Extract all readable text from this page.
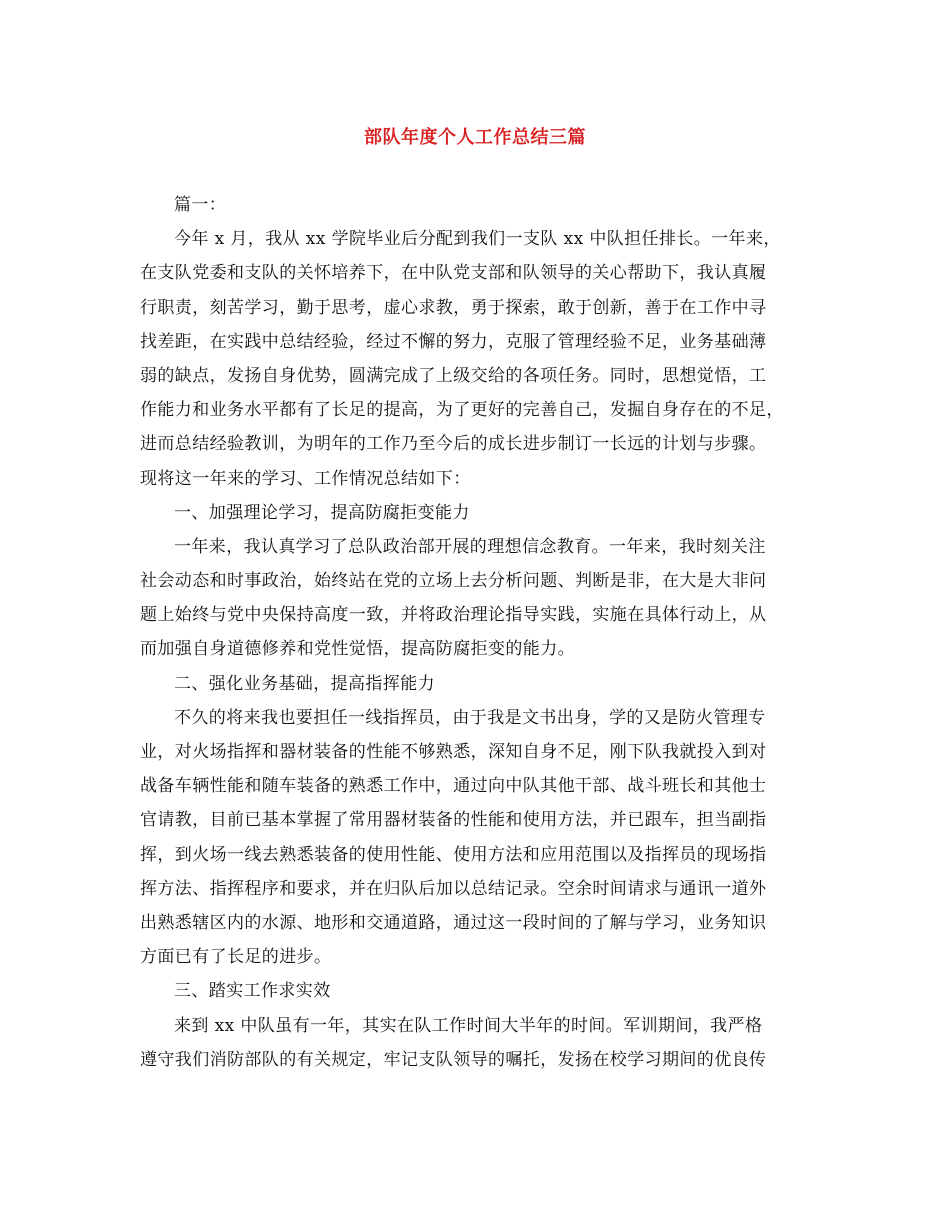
部队年度个人工作总结三篇
篇一：
今年 x 月，我从 xx 学院毕业后分配到我们一支队 xx 中队担任排长。一年来，
在支队党委和支队的关怀培养下，在中队党支部和队领导的关心帮助下，我认真履
行职责，刻苦学习，勤于思考，虚心求教，勇于探索，敢于创新，善于在工作中寻
找差距，在实践中总结经验，经过不懈的努力，克服了管理经验不足，业务基础薄
弱的缺点，发扬自身优势，圆满完成了上级交给的各项任务。同时，思想觉悟，工
作能力和业务水平都有了长足的提高，为了更好的完善自己，发掘自身存在的不足，
进而总结经验教训，为明年的工作乃至今后的成长进步制订一长远的计划与步骤。
现将这一年来的学习、工作情况总结如下：
一、加强理论学习，提高防腐拒变能力
一年来，我认真学习了总队政治部开展的理想信念教育。一年来，我时刻关注
社会动态和时事政治，始终站在党的立场上去分析问题、判断是非，在大是大非问
题上始终与党中央保持高度一致，并将政治理论指导实践，实施在具体行动上，从
而加强自身道德修养和党性觉悟，提高防腐拒变的能力。
二、强化业务基础，提高指挥能力
不久的将来我也要担任一线指挥员，由于我是文书出身，学的又是防火管理专
业，对火场指挥和器材装备的性能不够熟悉，深知自身不足，刚下队我就投入到对
战备车辆性能和随车装备的熟悉工作中，通过向中队其他干部、战斗班长和其他士
官请教，目前已基本掌握了常用器材装备的性能和使用方法，并已跟车，担当副指
挥，到火场一线去熟悉装备的使用性能、使用方法和应用范围以及指挥员的现场指
挥方法、指挥程序和要求，并在归队后加以总结记录。空余时间请求与通讯一道外
出熟悉辖区内的水源、地形和交通道路，通过这一段时间的了解与学习，业务知识
方面已有了长足的进步。
三、踏实工作求实效
来到 xx 中队虽有一年，其实在队工作时间大半年的时间。军训期间，我严格
遵守我们消防部队的有关规定，牢记支队领导的嘱托，发扬在校学习期间的优良传
